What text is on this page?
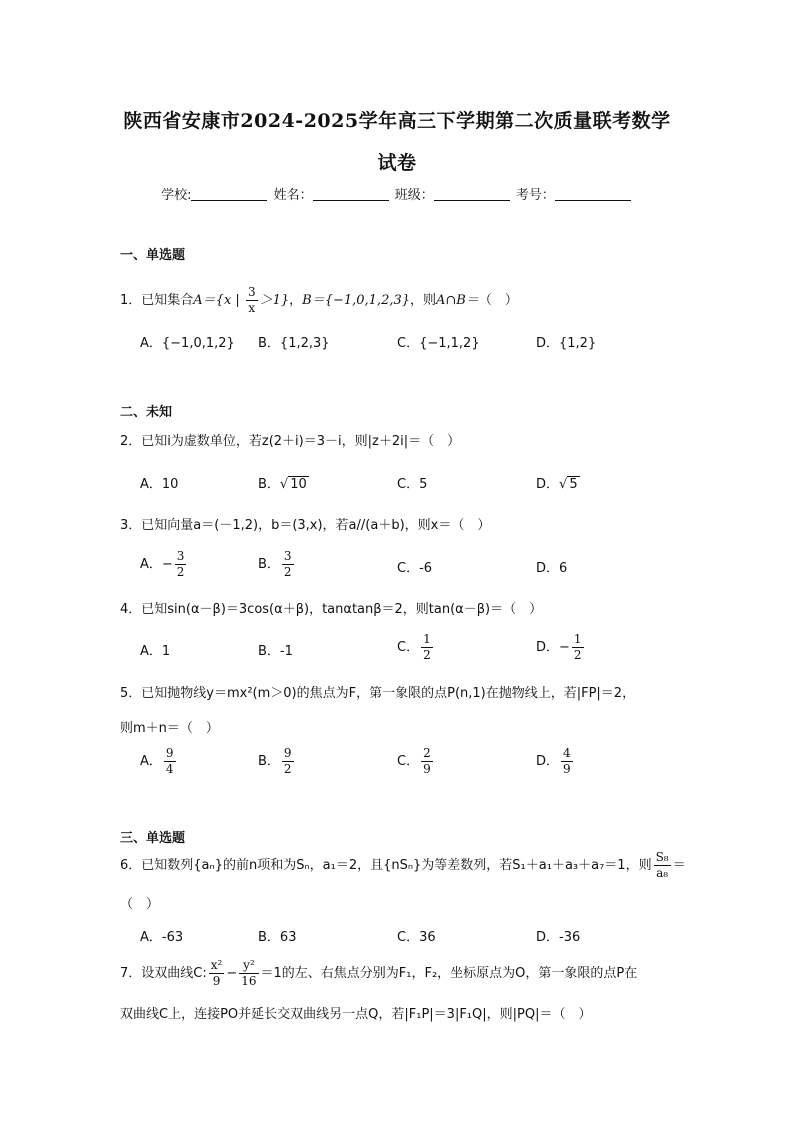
陕西省安康市2024-2025学年高三下学期第二次质量联考数学
试卷
学校:	姓名：	班级：	考号：
一、单选题
1．已知集合A＝{x | $\frac{3}{x} >1$}，B＝{−1,0,1,2,3}，则A∩B＝（　）
A．{−1,0,1,2} B．{1,2,3}	C．{−1,1,2}	D．{1,2}
二、未知
2．已知i为虚数单位，若z(2＋i)＝3－i，则|z＋2i|＝（　）
A．10	B．√ 10	C．5	D．√ 5
3．已知向量a＝(－1,2)，b＝(3,x)，若a//(a＋b)，则x＝（　）
A．− $\frac{3}{2}$	B． $\frac{3}{2}$	C．-6	D．6
4．已知sin(α－β)＝3cos(α＋β)，tanαtanβ＝2，则tan(α－β)＝（　）
A．1	B．-1	C． $\frac{1}{2}$	D．− $\frac{1}{2}$
5．已知抛物线y＝mx²(m＞0)的焦点为F，第一象限的点P(n,1)在抛物线上，若|FP|＝2，
则m＋n＝（　）
A． $\frac{9}{4}$	B． $\frac{9}{2}$	C． $\frac{2}{9}$	D． $\frac{4}{9}$
三、单选题
6．已知数列{aₙ}的前n项和为Sₙ，a₁＝2，且{nSₙ}为等差数列，若S₁＋a₁＋a₃＋a₇＝1，则 $\frac{\text{S₈}}{\text{a₈}}$ ＝
（　）
A．-63	B．63	C．36	D．-36
7．设双曲线C: $\frac{\text{x²}}{9} - \frac{\text{y²}}{16} =1$的左、右焦点分别为F₁，F₂，坐标原点为O，第一象限的点P在
双曲线C上，连接PO并延长交双曲线另一点Q，若|F₁P|＝3|F₁Q|，则|PQ|＝（　）
